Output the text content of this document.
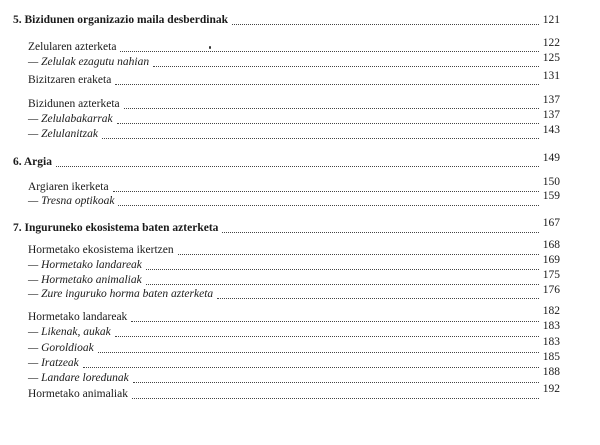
5. Bizidunen organizazio maila desberdinak	121
Zelularen azterketa	122
— Zelulak ezagutu nahian	125
Bizitzaren eraketa	131
Bizidunen azterketa	137
— Zelulabakarrak	137
— Zelulanitzak	143
6. Argia	149
Argiaren ikerketa	150
— Tresna optikoak	159
7. Inguruneko ekosistema baten azterketa	167
Hormetako ekosistema ikertzen	168
— Hormetako landareak	169
— Hormetako animaliak	175
— Zure inguruko horma baten azterketa	176
Hormetako landareak	182
— Likenak, aukak	183
— Goroldioak	183
— Iratzeak	185
— Landare loredunak	188
Hormetako animaliak	192
